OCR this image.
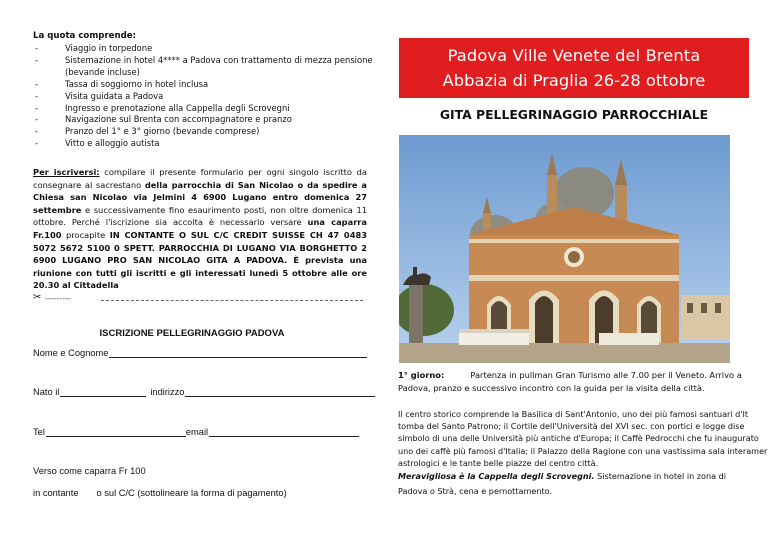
La quota comprende:
- Viaggio in torpedone
- Sistemazione in hotel 4**** a Padova con trattamento di mezza pensione (bevande incluse)
- Tassa di soggiorno in hotel inclusa
- Visita guidata a Padova
- Ingresso e prenotazione alla Cappella degli Scrovegni
- Navigazione sul Brenta con accompagnatore e pranzo
- Pranzo del 1° e 3° giorno (bevande comprese)
- Vitto e alloggio autista
Per iscriversi: compilare il presente formulario per ogni singolo iscritto da consegnare al sacrestano della parrocchia di San Nicolao o da spedire a Chiesa san Nicolao via Jelmini 4 6900 Lugano entro domenica 27 settembre e successivamente fino esaurimento posti, non oltre domenica 11 ottobre. Perché l'iscrizione sia accolta è necessario versare una caparra Fr.100 procapite IN CONTANTE O SUL C/C CREDIT SUISSE CH 47 0483 5072 5672 5100 0 SPETT. PARROCCHIA DI LUGANO VIA BORGHETTO 2 6900 LUGANO PRO SAN NICOLAO GITA A PADOVA. È prevista una riunione con tutti gli iscritti e gli interessati lunedì 5 ottobre alle ore 20.30 al Cittadella
✂ ---------
ISCRIZIONE PELLEGRINAGGIO PADOVA
Nome e Cognome
Nato il	indirizzo
Tel	email
Verso come caparra Fr 100
in contante o sul C/C (sottolineare la forma di pagamento)
Padova Ville Venete del Brenta
Abbazia di Praglia 26-28 ottobre
GITA PELLEGRINAGGIO PARROCCHIALE
1° giorno:	Partenza in pullman Gran Turismo alle 7.00 per il Veneto. Arrivo a
Padova, pranzo e successivo incontro con la guida per la visita della città.
Il centro storico comprende la Basilica di Sant'Antonio, uno dei più famosi santuari d'It
tomba del Santo Patrono; il Cortile dell'Università del XVI sec. con portici e logge dise
simbolo di una delle Università più antiche d'Europa; il Caffè Pedrocchi che fu inaugurato
uno dei caffè più famosi d'Italia; il Palazzo della Ragione con una vastissima sala interamer
astrologici e le tante belle piazze del centro città.
Meravigliosa è la Cappella degli Scrovegni. Sistemazione in hotel in zona di
Padova o Strà, cena e pernottamento.
